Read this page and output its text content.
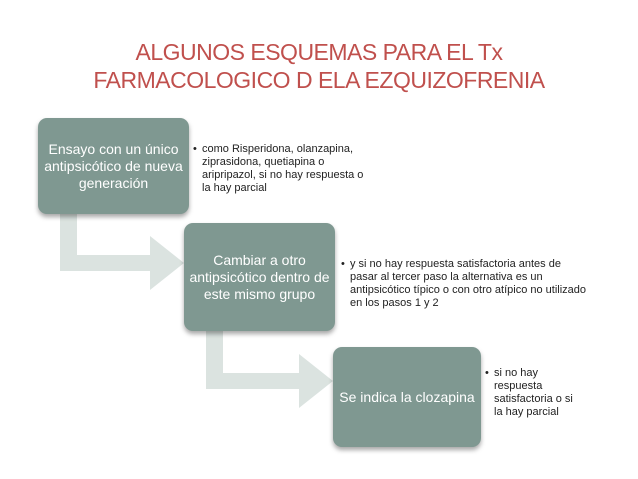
ALGUNOS ESQUEMAS PARA EL Tx
FARMACOLOGICO D ELA EZQUIZOFRENIA
Ensayo con un único antipsicótico de nueva generación
Cambiar a otro antipsicótico dentro de este mismo grupo
Se indica la clozapina
• como Risperidona, olanzapina, ziprasidona, quetiapina o aripripazol, si no hay respuesta o la hay parcial
• y si no hay respuesta satisfactoria antes de pasar al tercer paso la alternativa es un antipsicótico típico o con otro atípico no utilizado en los pasos 1 y 2
• si no hay respuesta satisfactoria o si la hay parcial
